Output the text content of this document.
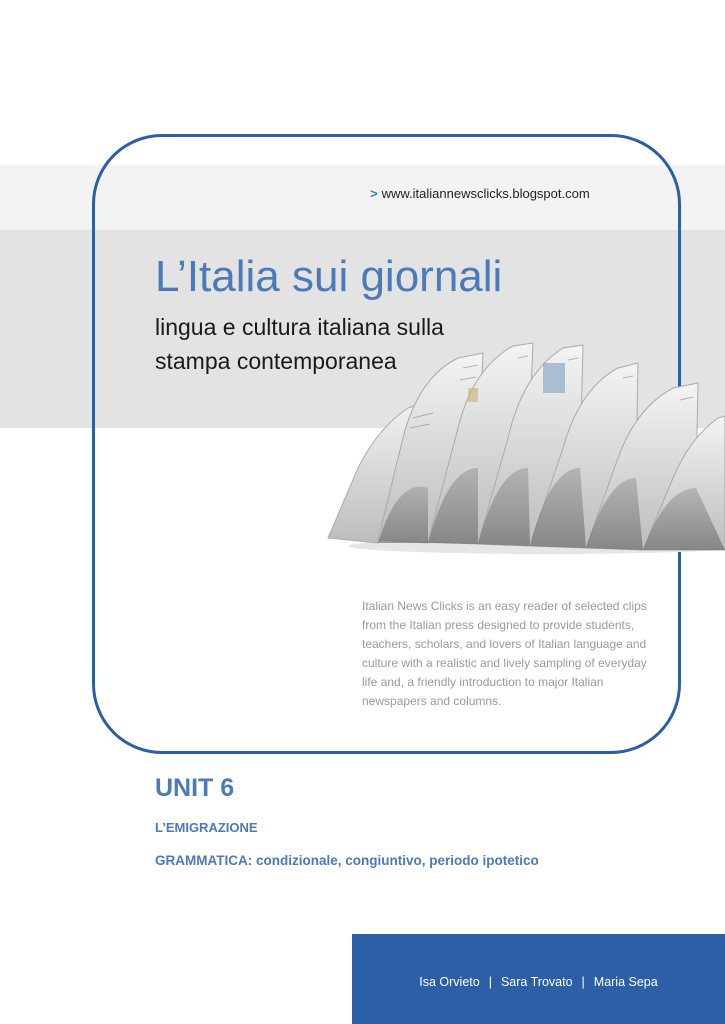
> www.italiannewsclicks.blogspot.com
L’Italia sui giornali
lingua e cultura italiana sulla stampa contemporanea
Italian News Clicks is an easy reader of selected clips from the Italian press designed to provide students, teachers, scholars, and lovers of Italian language and culture with a realistic and lively sampling of everyday life and, a friendly introduction to major Italian newspapers and columns.
UNIT 6
L’EMIGRAZIONE
GRAMMATICA: condizionale, congiuntivo, periodo ipotetico
Isa Orvieto | Sara Trovato | Maria Sepa
